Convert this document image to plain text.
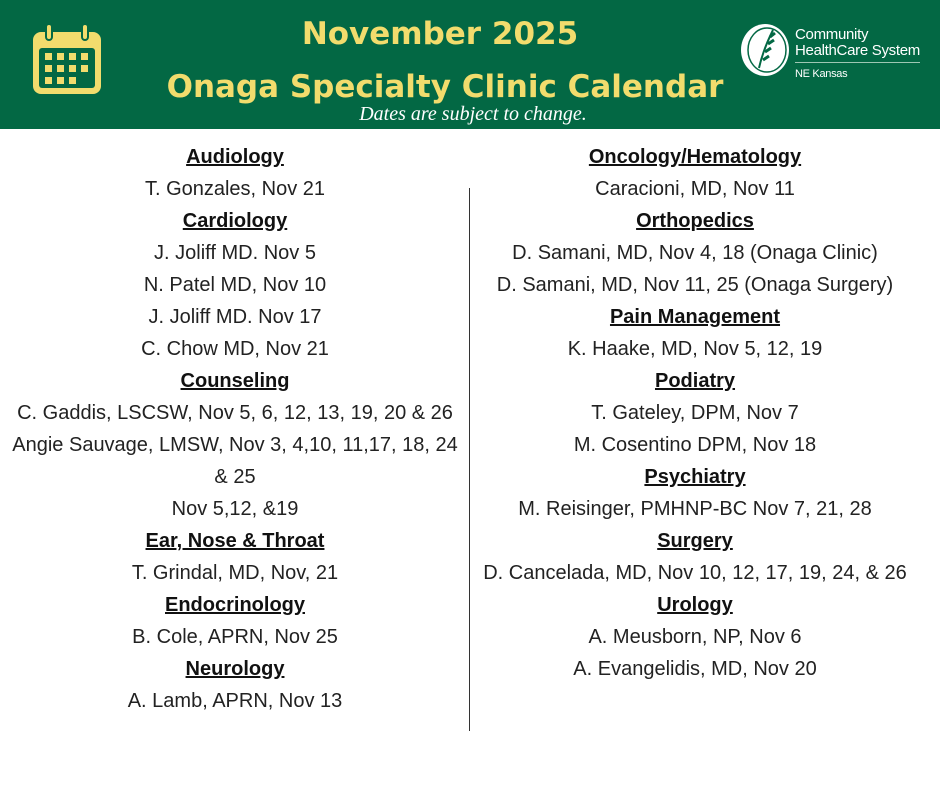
November 2025
Onaga Specialty Clinic Calendar
Dates are subject to change.
Community
HealthCare System
NE Kansas
Audiology
T. Gonzales, Nov 21
Cardiology
J. Joliff MD. Nov 5
N. Patel MD, Nov 10
J. Joliff MD. Nov 17
C. Chow MD, Nov 21
Counseling
C. Gaddis, LSCSW, Nov 5, 6, 12, 13, 19, 20 & 26
Angie Sauvage, LMSW, Nov 3, 4,10, 11,17, 18, 24 & 25
Nov 5,12, &19
Ear, Nose & Throat
T. Grindal, MD, Nov, 21
Endocrinology
B. Cole, APRN, Nov 25
Neurology
A. Lamb, APRN, Nov 13
Oncology/Hematology
Caracioni, MD, Nov 11
Orthopedics
D. Samani, MD, Nov 4, 18 (Onaga Clinic)
D. Samani, MD, Nov 11, 25 (Onaga Surgery)
Pain Management
K. Haake, MD, Nov 5, 12, 19
Podiatry
T. Gateley, DPM, Nov 7
M. Cosentino DPM, Nov 18
Psychiatry
M. Reisinger, PMHNP-BC Nov 7, 21, 28
Surgery
D. Cancelada, MD, Nov 10, 12, 17, 19, 24, & 26
Urology
A. Meusborn, NP, Nov 6
A. Evangelidis, MD, Nov 20
